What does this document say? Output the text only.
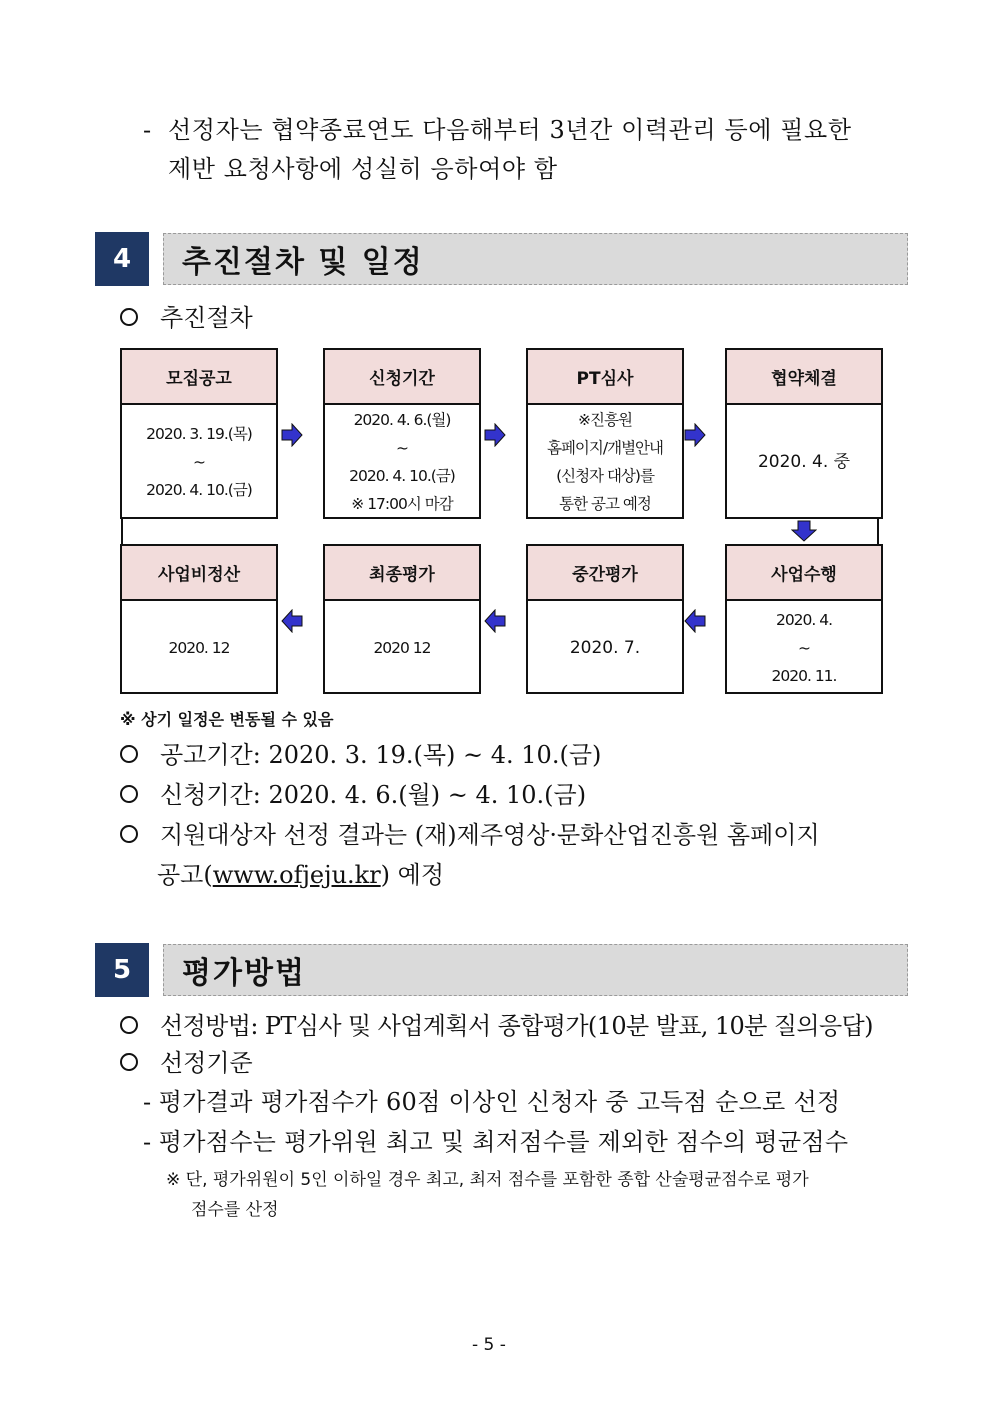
- 선정자는 협약종료연도 다음해부터 3년간 이력관리 등에 필요한
제반 요청사항에 성실히 응하여야 함
4	추진절차 및 일정
추진절차
모집공고
2020. 3. 19.(목)
~
2020. 4. 10.(금)
신청기간
2020. 4. 6.(월)
~
2020. 4. 10.(금)
※ 17:00시 마감
PT심사
※진흥원
홈페이지/개별안내
(신청자 대상)를
통한 공고 예정
협약체결
2020. 4. 중
사업비정산
2020. 12
최종평가
2020 12
중간평가
2020. 7.
사업수행
2020. 4.
~
2020. 11.
※ 상기 일정은 변동될 수 있음
공고기간: 2020. 3. 19.(목) ~ 4. 10.(금)
신청기간: 2020. 4. 6.(월) ~ 4. 10.(금)
지원대상자 선정 결과는 (재)제주영상·문화산업진흥원 홈페이지
공고(www.ofjeju.kr) 예정
5	평가방법
선정방법: PT심사 및 사업계획서 종합평가(10분 발표, 10분 질의응답)
선정기준
- 평가결과 평가점수가 60점 이상인 신청자 중 고득점 순으로 선정
- 평가점수는 평가위원 최고 및 최저점수를 제외한 점수의 평균점수
※ 단, 평가위원이 5인 이하일 경우 최고, 최저 점수를 포함한 종합 산술평균점수로 평가
점수를 산정
- 5 -
